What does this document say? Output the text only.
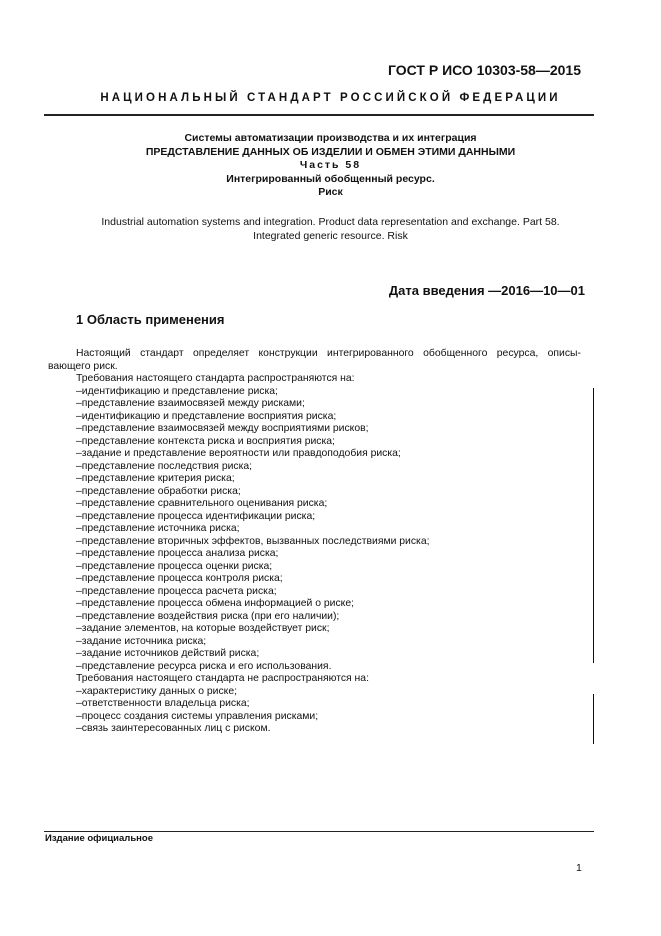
ГОСТ Р ИСО 10303-58—2015
НАЦИОНАЛЬНЫЙ СТАНДАРТ РОССИЙСКОЙ ФЕДЕРАЦИИ
Системы автоматизации производства и их интеграция
ПРЕДСТАВЛЕНИЕ ДАННЫХ ОБ ИЗДЕЛИИ И ОБМЕН ЭТИМИ ДАННЫМИ
Часть 58
Интегрированный обобщенный ресурс.
Риск
Industrial automation systems and integration. Product data representation and exchange. Part 58.
Integrated generic resource. Risk
Дата введения —2016—10—01
1 Область применения
Настоящий стандарт определяет конструкции интегрированного обобщенного ресурса, описы-
вающего риск.
Требования настоящего стандарта распространяются на:
– идентификацию и представление риска;
– представление взаимосвязей между рисками;
– идентификацию и представление восприятия риска;
– представление взаимосвязей между восприятиями рисков;
– представление контекста риска и восприятия риска;
– задание и представление вероятности или правдоподобия риска;
– представление последствия риска;
– представление критерия риска;
– представление обработки риска;
– представление сравнительного оценивания риска;
– представление процесса идентификации риска;
– представление источника риска;
– представление вторичных эффектов, вызванных последствиями риска;
– представление процесса анализа риска;
– представление процесса оценки риска;
– представление процесса контроля риска;
– представление процесса расчета риска;
– представление процесса обмена информацией о риске;
– представление воздействия риска (при его наличии);
– задание элементов, на которые воздействует риск;
– задание источника риска;
– задание источников действий риска;
– представление ресурса риска и его использования.
Требования настоящего стандарта не распространяются на:
– характеристику данных о риске;
– ответственности владельца риска;
– процесс создания системы управления рисками;
– связь заинтересованных лиц с риском.
Издание официальное
1
